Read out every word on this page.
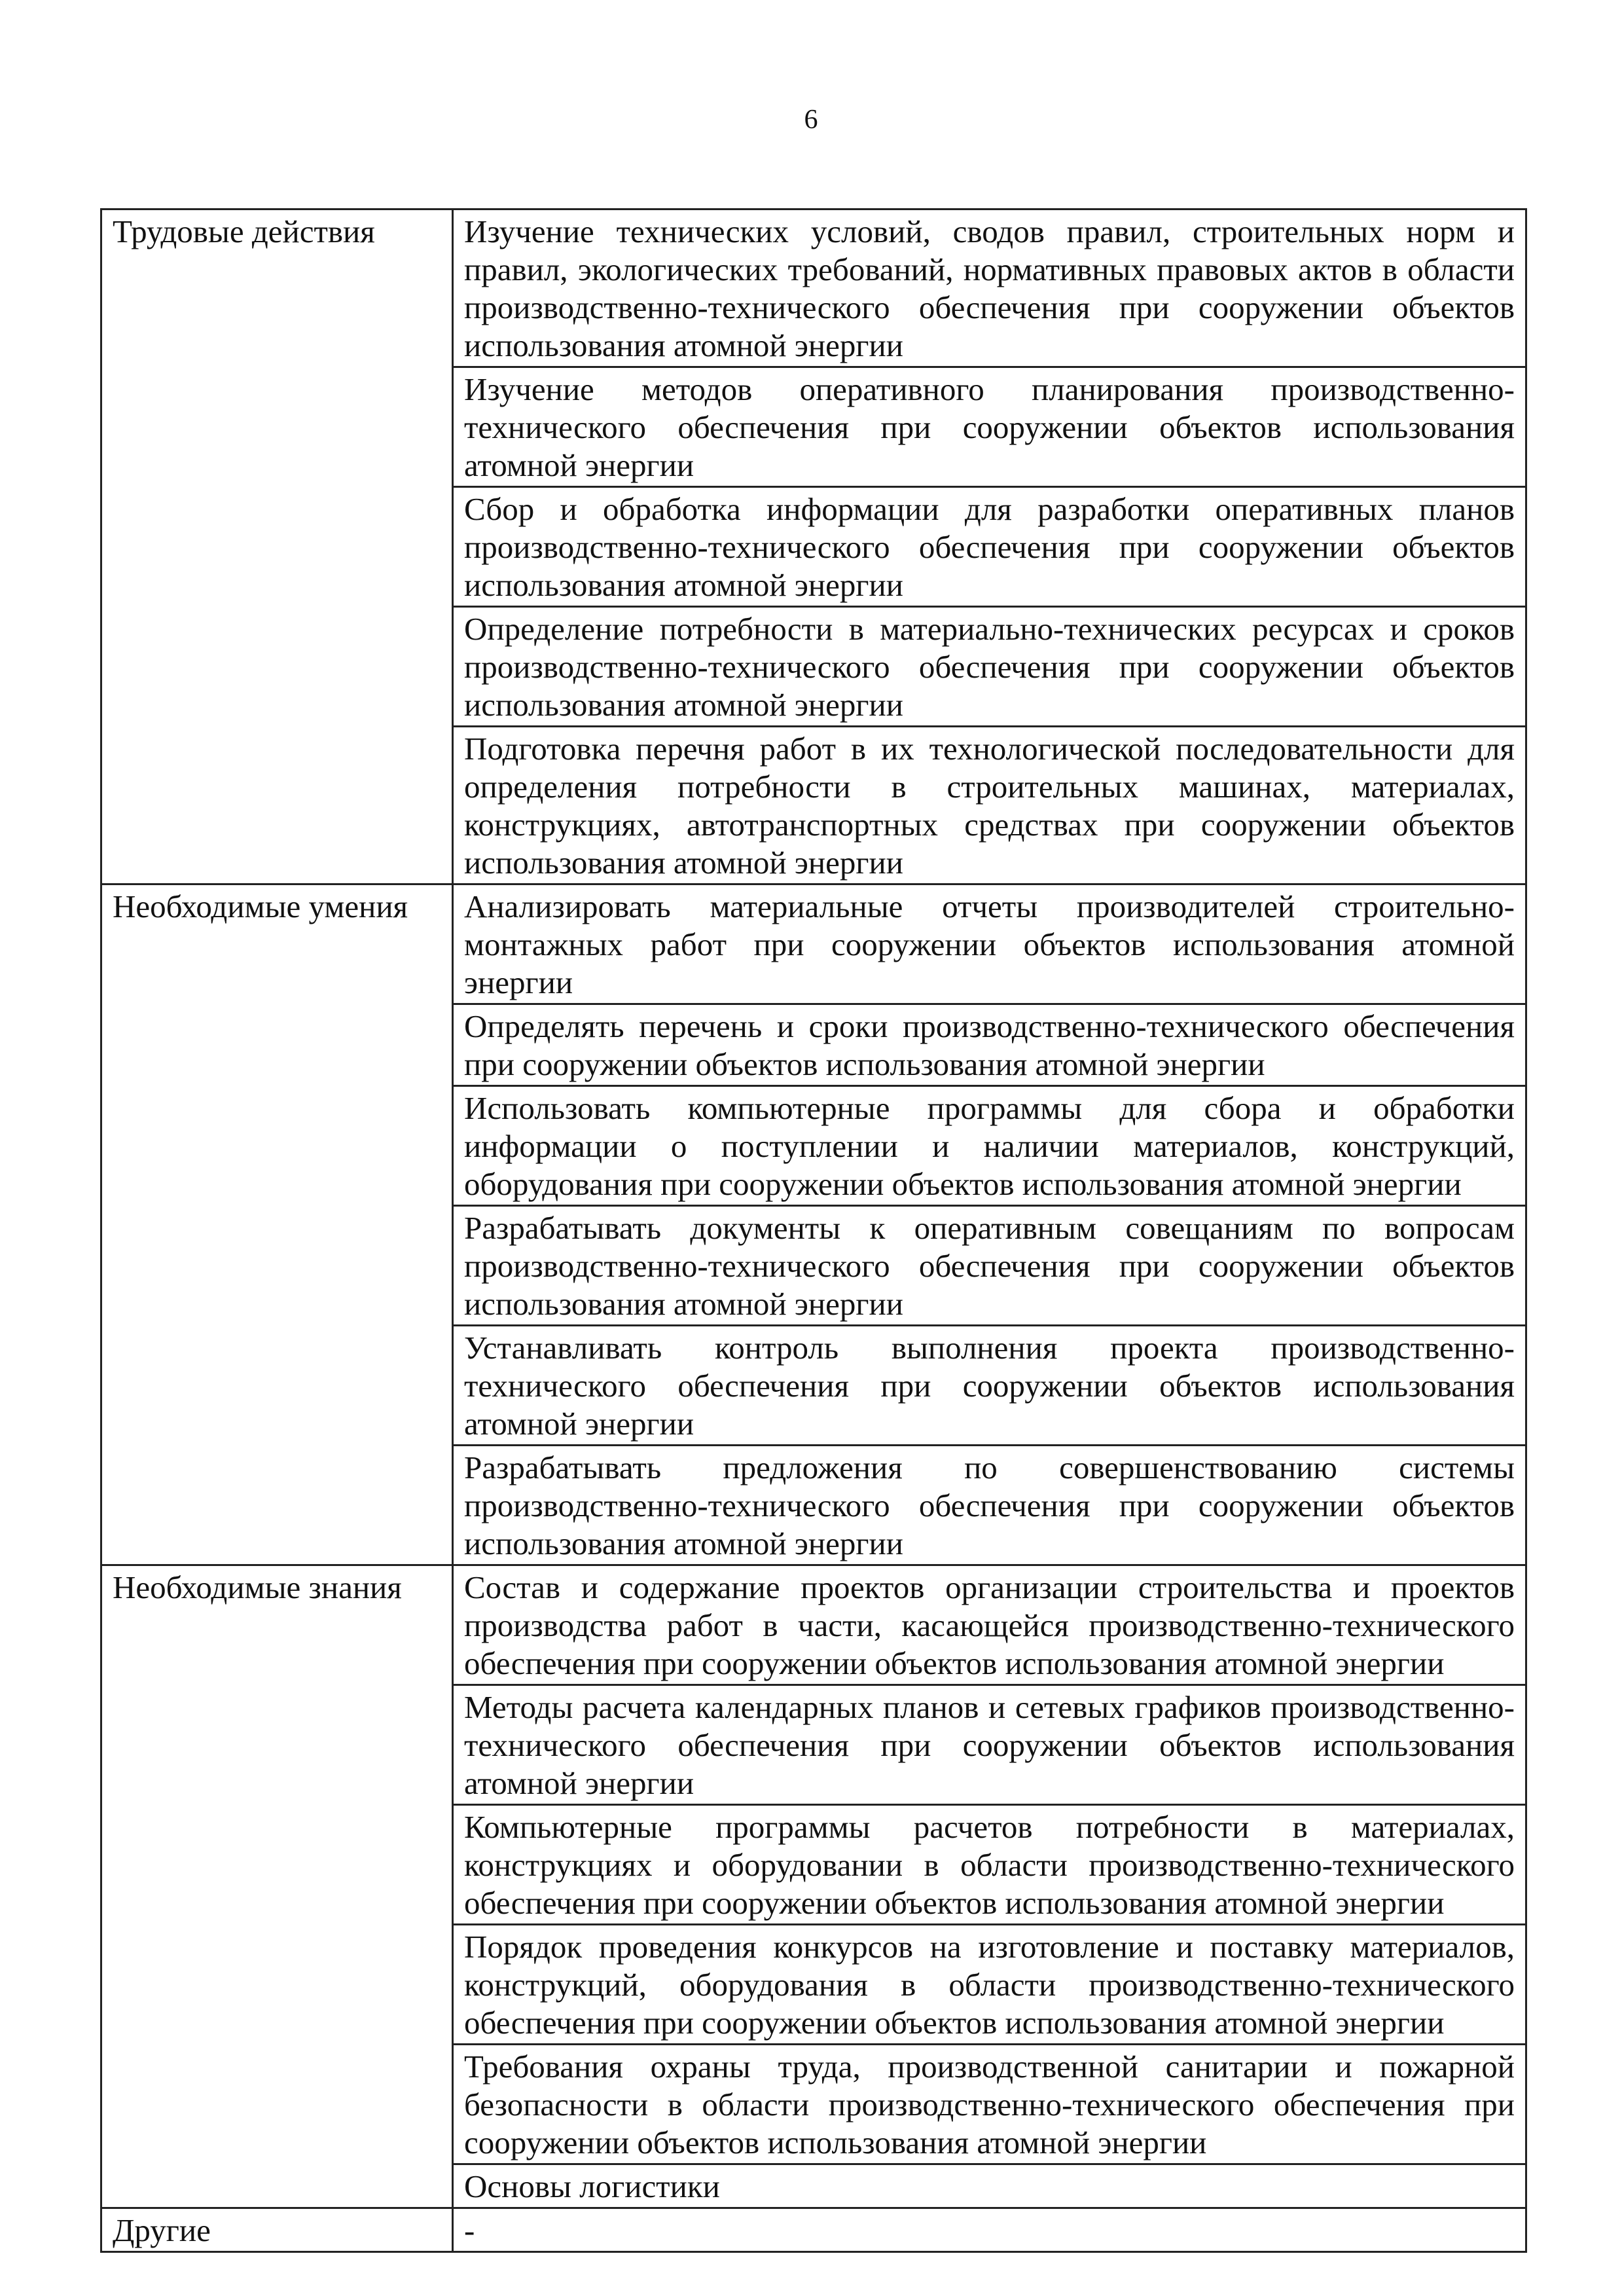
6
Трудовые действия	Изучение технических условий, сводов правил, строительных норм и правил, экологических требований, нормативных правовых актов в области производственно-технического обеспечения при сооружении объектов использования атомной энергии
	Изучение методов оперативного планирования производственно-технического обеспечения при сооружении объектов использования атомной энергии
	Сбор и обработка информации для разработки оперативных планов производственно-технического обеспечения при сооружении объектов использования атомной энергии
	Определение потребности в материально-технических ресурсах и сроков производственно-технического обеспечения при сооружении объектов использования атомной энергии
	Подготовка перечня работ в их технологической последовательности для определения потребности в строительных машинах, материалах, конструкциях, автотранспортных средствах при сооружении объектов использования атомной энергии
Необходимые умения	Анализировать материальные отчеты производителей строительно-монтажных работ при сооружении объектов использования атомной энергии
	Определять перечень и сроки производственно-технического обеспечения при сооружении объектов использования атомной энергии
	Использовать компьютерные программы для сбора и обработки информации о поступлении и наличии материалов, конструкций, оборудования при сооружении объектов использования атомной энергии
	Разрабатывать документы к оперативным совещаниям по вопросам производственно-технического обеспечения при сооружении объектов использования атомной энергии
	Устанавливать контроль выполнения проекта производственно-технического обеспечения при сооружении объектов использования атомной энергии
	Разрабатывать предложения по совершенствованию системы производственно-технического обеспечения при сооружении объектов использования атомной энергии
Необходимые знания	Состав и содержание проектов организации строительства и проектов производства работ в части, касающейся производственно-технического обеспечения при сооружении объектов использования атомной энергии
	Методы расчета календарных планов и сетевых графиков производственно-технического обеспечения при сооружении объектов использования атомной энергии
	Компьютерные программы расчетов потребности в материалах, конструкциях и оборудовании в области производственно-технического обеспечения при сооружении объектов использования атомной энергии
	Порядок проведения конкурсов на изготовление и поставку материалов, конструкций, оборудования в области производственно-технического обеспечения при сооружении объектов использования атомной энергии
	Требования охраны труда, производственной санитарии и пожарной безопасности в области производственно-технического обеспечения при сооружении объектов использования атомной энергии
	Основы логистики
Другие	-
